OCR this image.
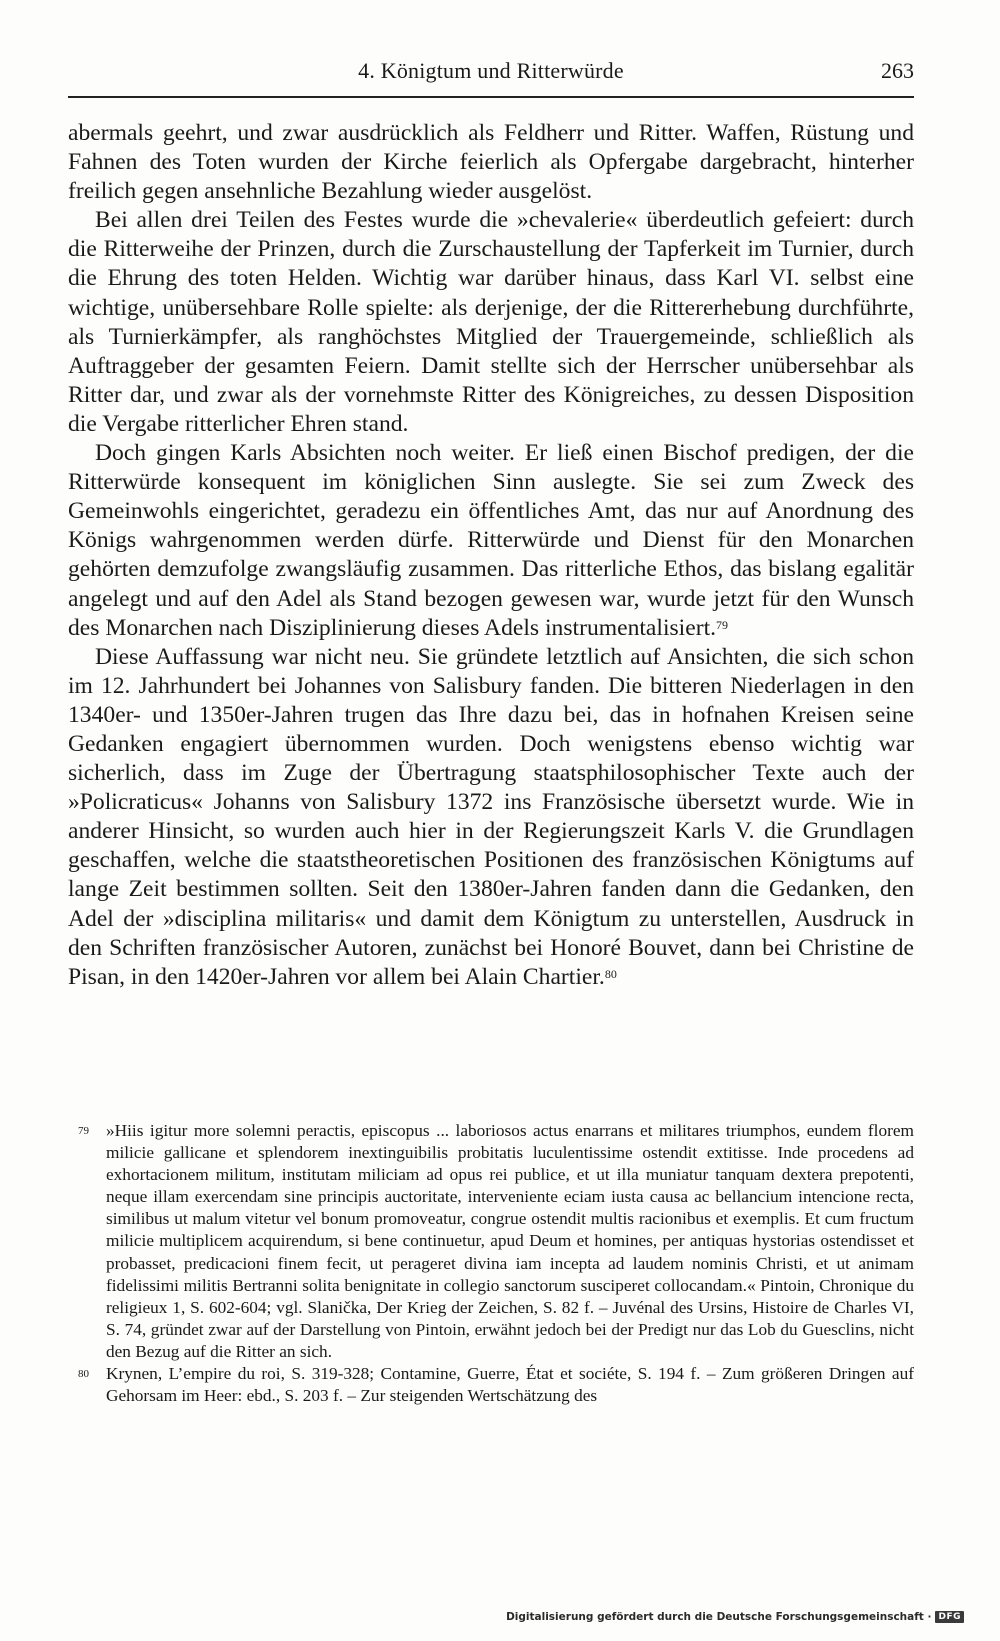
4. Königtum und Ritterwürde	263

abermals geehrt, und zwar ausdrücklich als Feldherr und Ritter. Waffen, Rüstung und Fahnen des Toten wurden der Kirche feierlich als Opfergabe dargebracht, hinterher freilich gegen ansehnliche Bezahlung wieder ausgelöst.

Bei allen drei Teilen des Festes wurde die »chevalerie« überdeutlich gefeiert: durch die Ritterweihe der Prinzen, durch die Zurschaustellung der Tapferkeit im Turnier, durch die Ehrung des toten Helden. Wichtig war darüber hinaus, dass Karl VI. selbst eine wichtige, unübersehbare Rolle spielte: als derjenige, der die Rittererhebung durchführte, als Turnierkämpfer, als ranghöchstes Mitglied der Trauergemeinde, schließlich als Auftraggeber der gesamten Feiern. Damit stellte sich der Herrscher unübersehbar als Ritter dar, und zwar als der vornehmste Ritter des Königreiches, zu dessen Disposition die Vergabe ritterlicher Ehren stand.

Doch gingen Karls Absichten noch weiter. Er ließ einen Bischof predigen, der die Ritterwürde konsequent im königlichen Sinn auslegte. Sie sei zum Zweck des Gemeinwohls eingerichtet, geradezu ein öffentliches Amt, das nur auf Anordnung des Königs wahrgenommen werden dürfe. Ritterwürde und Dienst für den Monarchen gehörten demzufolge zwangsläufig zusammen. Das ritterliche Ethos, das bislang egalitär angelegt und auf den Adel als Stand bezogen gewesen war, wurde jetzt für den Wunsch des Monarchen nach Disziplinierung dieses Adels instrumentalisiert.$^{79}$

Diese Auffassung war nicht neu. Sie gründete letztlich auf Ansichten, die sich schon im 12. Jahrhundert bei Johannes von Salisbury fanden. Die bitteren Niederlagen in den 1340er- und 1350er-Jahren trugen das Ihre dazu bei, das in hofnahen Kreisen seine Gedanken engagiert übernommen wurden. Doch wenigstens ebenso wichtig war sicherlich, dass im Zuge der Übertragung staatsphilosophischer Texte auch der »Policraticus« Johanns von Salisbury 1372 ins Französische übersetzt wurde. Wie in anderer Hinsicht, so wurden auch hier in der Regierungszeit Karls V. die Grundlagen geschaffen, welche die staatstheoretischen Positionen des französischen Königtums auf lange Zeit bestimmen sollten. Seit den 1380er-Jahren fanden dann die Gedanken, den Adel der »disciplina militaris« und damit dem Königtum zu unterstellen, Ausdruck in den Schriften französischer Autoren, zunächst bei Honoré Bouvet, dann bei Christine de Pisan, in den 1420er-Jahren vor allem bei Alain Chartier.$^{80}$

79 »Hiis igitur more solemni peractis, episcopus ... laboriosos actus enarrans et militares triumphos, eundem florem milicie gallicane et splendorem inextinguibilis probitatis luculentissime ostendit extitisse. Inde procedens ad exhortacionem militum, institutam miliciam ad opus rei publice, et ut illa muniatur tanquam dextera prepotenti, neque illam exercendam sine principis auctoritate, interveniente eciam iusta causa ac bellancium intencione recta, similibus ut malum vitetur vel bonum promoveatur, congrue ostendit multis racionibus et exemplis. Et cum fructum milicie multiplicem acquirendum, si bene continuetur, apud Deum et homines, per antiquas hystorias ostendisset et probasset, predicacioni finem fecit, ut perageret divina iam incepta ad laudem nominis Christi, et ut animam fidelissimi militis Bertranni solita benignitate in collegio sanctorum susciperet collocandam.« Pintoin, Chronique du religieux 1, S. 602-604; vgl. Slanička, Der Krieg der Zeichen, S. 82 f. – Juvénal des Ursins, Histoire de Charles VI, S. 74, gründet zwar auf der Darstellung von Pintoin, erwähnt jedoch bei der Predigt nur das Lob du Guesclins, nicht den Bezug auf die Ritter an sich.

80 Krynen, L’empire du roi, S. 319-328; Contamine, Guerre, État et sociéte, S. 194 f. – Zum größeren Dringen auf Gehorsam im Heer: ebd., S. 203 f. – Zur steigenden Wertschätzung des

Digitalisierung gefördert durch die Deutsche Forschungsgemeinschaft · DFG
